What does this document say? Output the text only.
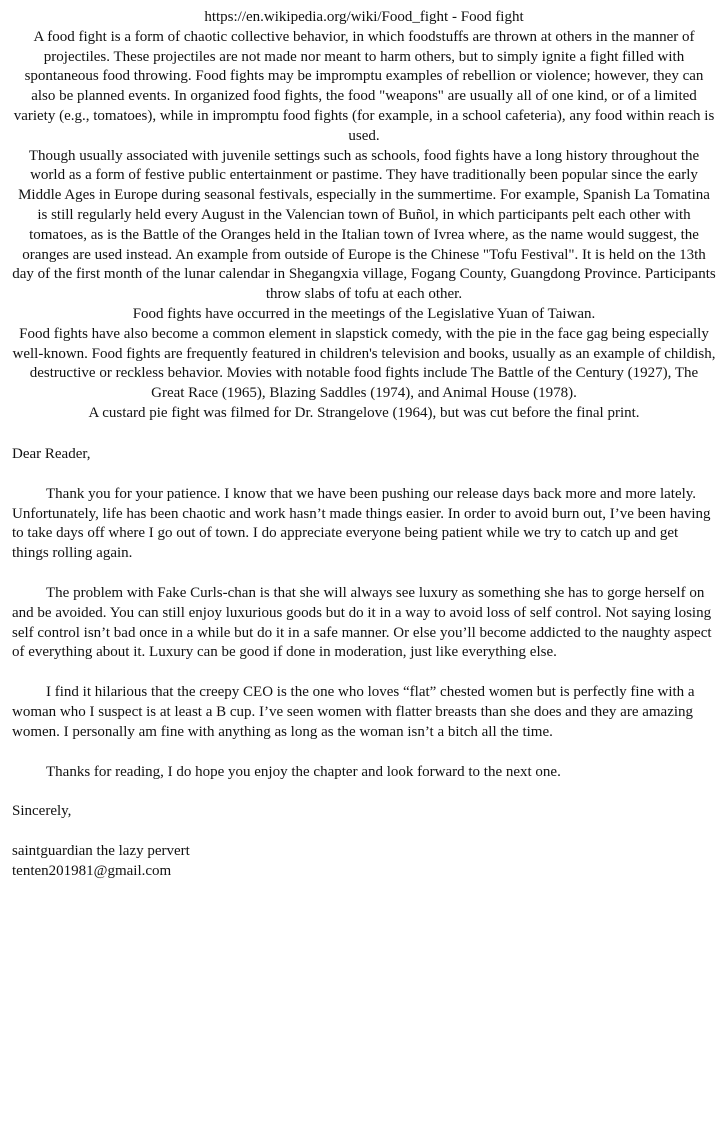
https://en.wikipedia.org/wiki/Food_fight - Food fight

A food fight is a form of chaotic collective behavior, in which foodstuffs are thrown at others in the manner of projectiles. These projectiles are not made nor meant to harm others, but to simply ignite a fight filled with spontaneous food throwing. Food fights may be impromptu examples of rebellion or violence; however, they can also be planned events. In organized food fights, the food "weapons" are usually all of one kind, or of a limited variety (e.g., tomatoes), while in impromptu food fights (for example, in a school cafeteria), any food within reach is used.

Though usually associated with juvenile settings such as schools, food fights have a long history throughout the world as a form of festive public entertainment or pastime. They have traditionally been popular since the early Middle Ages in Europe during seasonal festivals, especially in the summertime. For example, Spanish La Tomatina is still regularly held every August in the Valencian town of Buñol, in which participants pelt each other with tomatoes, as is the Battle of the Oranges held in the Italian town of Ivrea where, as the name would suggest, the oranges are used instead. An example from outside of Europe is the Chinese "Tofu Festival". It is held on the 13th day of the first month of the lunar calendar in Shegangxia village, Fogang County, Guangdong Province. Participants throw slabs of tofu at each other.

Food fights have occurred in the meetings of the Legislative Yuan of Taiwan.

Food fights have also become a common element in slapstick comedy, with the pie in the face gag being especially well-known. Food fights are frequently featured in children's television and books, usually as an example of childish, destructive or reckless behavior. Movies with notable food fights include The Battle of the Century (1927), The Great Race (1965), Blazing Saddles (1974), and Animal House (1978).

A custard pie fight was filmed for Dr. Strangelove (1964), but was cut before the final print.

Dear Reader,

Thank you for your patience. I know that we have been pushing our release days back more and more lately. Unfortunately, life has been chaotic and work hasn’t made things easier. In order to avoid burn out, I’ve been having to take days off where I go out of town. I do appreciate everyone being patient while we try to catch up and get things rolling again.

The problem with Fake Curls-chan is that she will always see luxury as something she has to gorge herself on and be avoided. You can still enjoy luxurious goods but do it in a way to avoid loss of self control. Not saying losing self control isn’t bad once in a while but do it in a safe manner. Or else you’ll become addicted to the naughty aspect of everything about it. Luxury can be good if done in moderation, just like everything else.

I find it hilarious that the creepy CEO is the one who loves “flat” chested women but is perfectly fine with a woman who I suspect is at least a B cup. I’ve seen women with flatter breasts than she does and they are amazing women. I personally am fine with anything as long as the woman isn’t a bitch all the time.

Thanks for reading, I do hope you enjoy the chapter and look forward to the next one.

Sincerely,

saintguardian the lazy pervert

tenten201981@gmail.com
